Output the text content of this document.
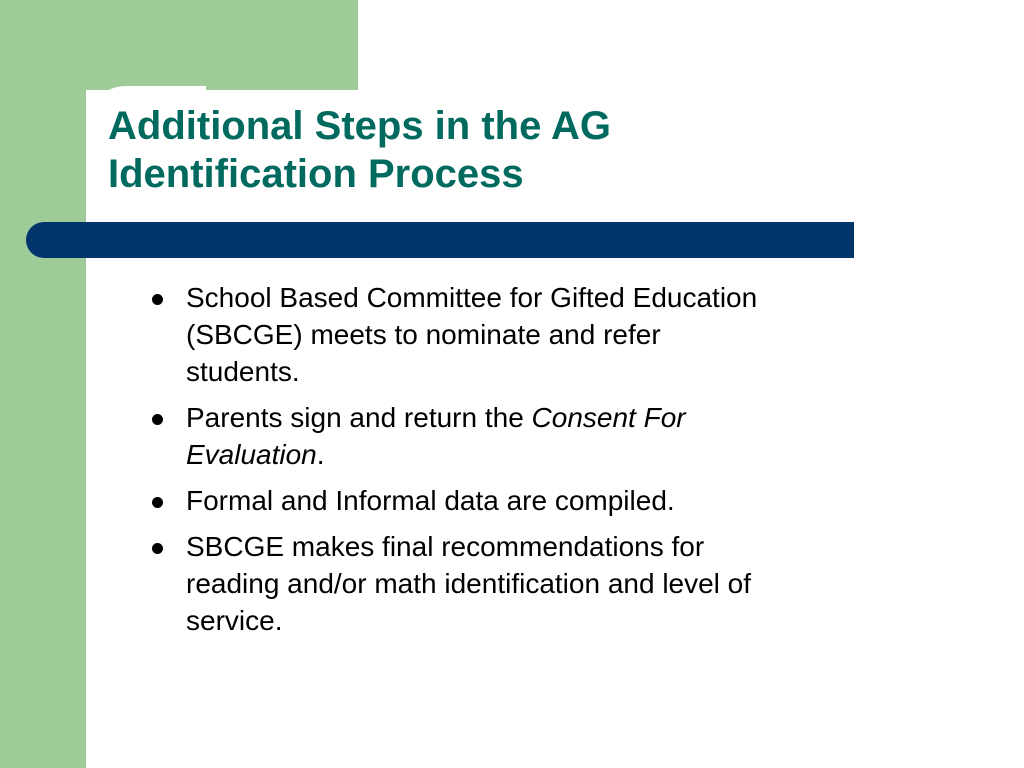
Additional Steps in the AG
Identification Process
School Based Committee for Gifted Education
(SBCGE) meets to nominate and refer
students.
Parents sign and return the Consent For
Evaluation.
Formal and Informal data are compiled.
SBCGE makes final recommendations for
reading and/or math identification and level of
service.
